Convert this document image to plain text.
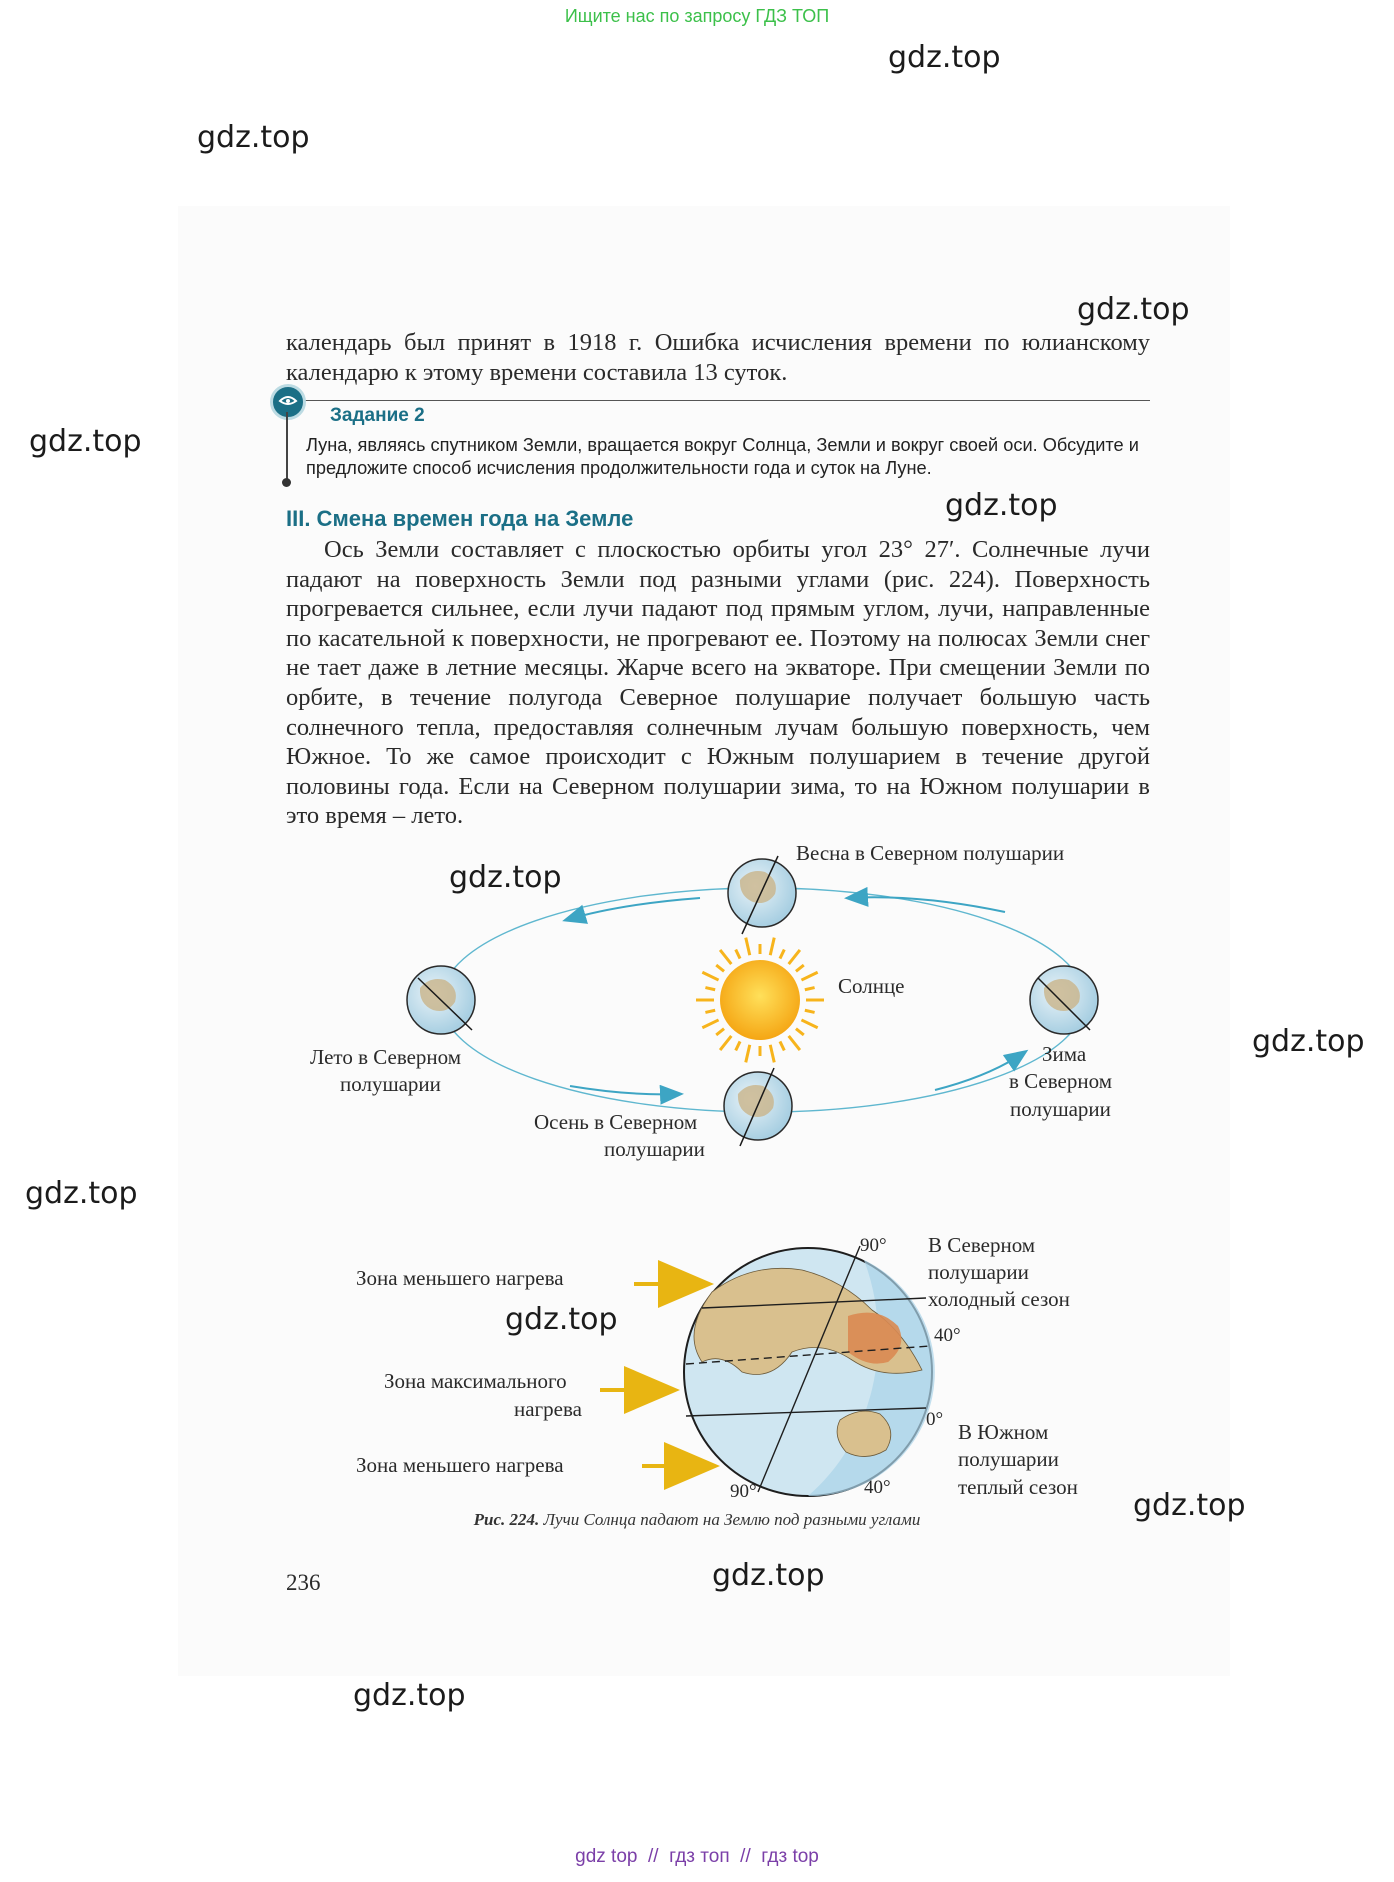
Ищите нас по запросу ГДЗ ТОП
gdz.top
gdz.top
gdz.top
gdz.top
gdz.top
gdz.top
gdz.top
gdz.top
gdz.top
gdz.top
gdz.top
gdz.top

календарь был принят в 1918 г. Ошибка исчисления времени по юлианскому календарю к этому времени составила 13 суток.

Задание 2
Луна, являясь спутником Земли, вращается вокруг Солнца, Земли и вокруг своей оси. Обсудите и предложите способ исчисления продолжительности года и суток на Луне.
III. Смена времен года на Земле

Ось Земли составляет с плоскостью орбиты угол 23° 27′. Солнечные лучи падают на поверхность Земли под разными углами (рис. 224). Поверхность прогревается сильнее, если лучи падают под прямым углом, лучи, направленные по касательной к поверхности, не прогревают ее. Поэтому на полюсах Земли снег не тает даже в летние месяцы. Жарче всего на экваторе. При смещении Земли по орбите, в течение полугода Северное полушарие получает большую часть солнечного тепла, предоставляя солнечным лучам большую поверхность, чем Южное. То же самое происходит с Южным полушарием в течение другой половины года. Если на Северном полушарии зима, то на Южном полушарии в это время – лето.

Весна в Северном полушарии
Солнце
Лето в Северном
полушарии
Осень в Северном
полушарии
Зима
в Северном
полушарии
Зона меньшего нагрева
Зона максимального
нагрева
Зона меньшего нагрева
В Северном
полушарии
холодный сезон
В Южном
полушарии
теплый сезон
90°
40°
0°
90°	40°
Рис. 224. Лучи Солнца падают на Землю под разными углами
236
gdz top  //  гдз топ  //  гдз top
